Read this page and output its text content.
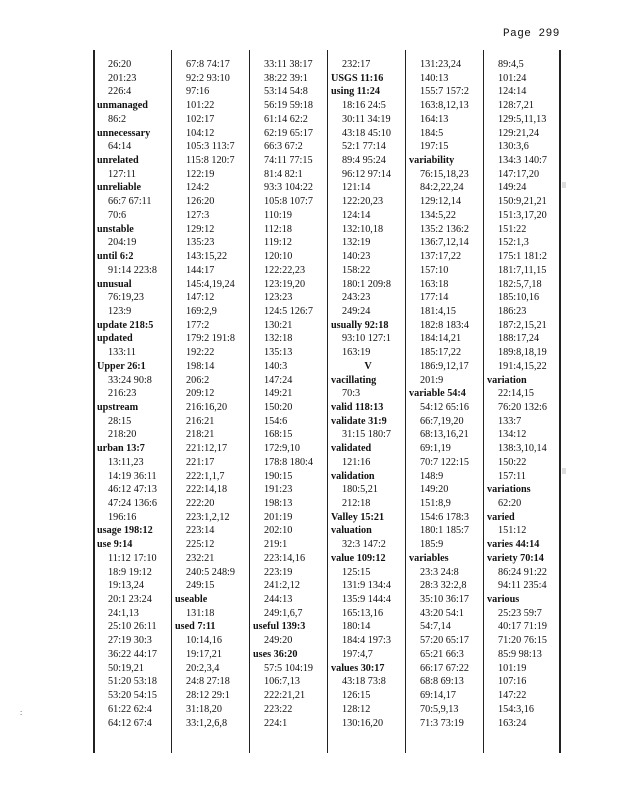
Page 299
26:20
201:23
226:4
unmanaged
86:2
unnecessary
64:14
unrelated
127:11
unreliable
66:7 67:11
70:6
unstable
204:19
until 6:2
91:14 223:8
unusual
76:19,23
123:9
update 218:5
updated
133:11
Upper 26:1
33:24 90:8
216:23
upstream
28:15
218:20
urban 13:7
13:11,23
14:19 36:11
46:12 47:13
47:24 136:6
196:16
usage 198:12
use 9:14
11:12 17:10
18:9 19:12
19:13,24
20:1 23:24
24:1,13
25:10 26:11
27:19 30:3
36:22 44:17
50:19,21
51:20 53:18
53:20 54:15
61:22 62:4
64:12 67:4
67:8 74:17
92:2 93:10
97:16
101:22
102:17
104:12
105:3 113:7
115:8 120:7
122:19
124:2
126:20
127:3
129:12
135:23
143:15,22
144:17
145:4,19,24
147:12
169:2,9
177:2
179:2 191:8
192:22
198:14
206:2
209:12
216:16,20
216:21
218:21
221:12,17
221:17
222:1,1,7
222:14,18
222:20
223:1,2,12
223:14
225:12
232:21
240:5 248:9
249:15
useable
131:18
used 7:11
10:14,16
19:17,21
20:2,3,4
24:8 27:18
28:12 29:1
31:18,20
33:1,2,6,8
33:11 38:17
38:22 39:1
53:14 54:8
56:19 59:18
61:14 62:2
62:19 65:17
66:3 67:2
74:11 77:15
81:4 82:1
93:3 104:22
105:8 107:7
110:19
112:18
119:12
120:10
122:22,23
123:19,20
123:23
124:5 126:7
130:21
132:18
135:13
140:3
147:24
149:21
150:20
154:6
168:15
172:9,10
178:8 180:4
190:15
191:23
198:13
201:19
202:10
219:1
223:14,16
223:19
241:2,12
244:13
249:1,6,7
useful 139:3
249:20
uses 36:20
57:5 104:19
106:7,13
222:21,21
223:22
224:1
232:17
USGS 11:16
using 11:24
18:16 24:5
30:11 34:19
43:18 45:10
52:1 77:14
89:4 95:24
96:12 97:14
121:14
122:20,23
124:14
132:10,18
132:19
140:23
158:22
180:1 209:8
243:23
249:24
usually 92:18
93:10 127:1
163:19
V
vacillating
70:3
valid 118:13
validate 31:9
31:15 180:7
validated
121:16
validation
180:5,21
212:18
Valley 15:21
valuation
32:3 147:2
value 109:12
125:15
131:9 134:4
135:9 144:4
165:13,16
180:14
184:4 197:3
197:4,7
values 30:17
43:18 73:8
126:15
128:12
130:16,20
131:23,24
140:13
155:7 157:2
163:8,12,13
164:13
184:5
197:15
variability
76:15,18,23
84:2,22,24
129:12,14
134:5,22
135:2 136:2
136:7,12,14
137:17,22
157:10
163:18
177:14
181:4,15
182:8 183:4
184:14,21
185:17,22
186:9,12,17
201:9
variable 54:4
54:12 65:16
66:7,19,20
68:13,16,21
69:1,19
70:7 122:15
148:9
149:20
151:8,9
154:6 178:3
180:1 185:7
185:9
variables
23:3 24:8
28:3 32:2,8
35:10 36:17
43:20 54:1
54:7,14
57:20 65:17
65:21 66:3
66:17 67:22
68:8 69:13
69:14,17
70:5,9,13
71:3 73:19
89:4,5
101:24
124:14
128:7,21
129:5,11,13
129:21,24
130:3,6
134:3 140:7
147:17,20
149:24
150:9,21,21
151:3,17,20
151:22
152:1,3
175:1 181:2
181:7,11,15
182:5,7,18
185:10,16
186:23
187:2,15,21
188:17,24
189:8,18,19
191:4,15,22
variation
22:14,15
76:20 132:6
133:7
134:12
138:3,10,14
150:22
157:11
variations
62:20
varied
151:12
varies 44:14
variety 70:14
86:24 91:22
94:11 235:4
various
25:23 59:7
40:17 71:19
71:20 76:15
85:9 98:13
101:19
107:16
147:22
154:3,16
163:24
:
